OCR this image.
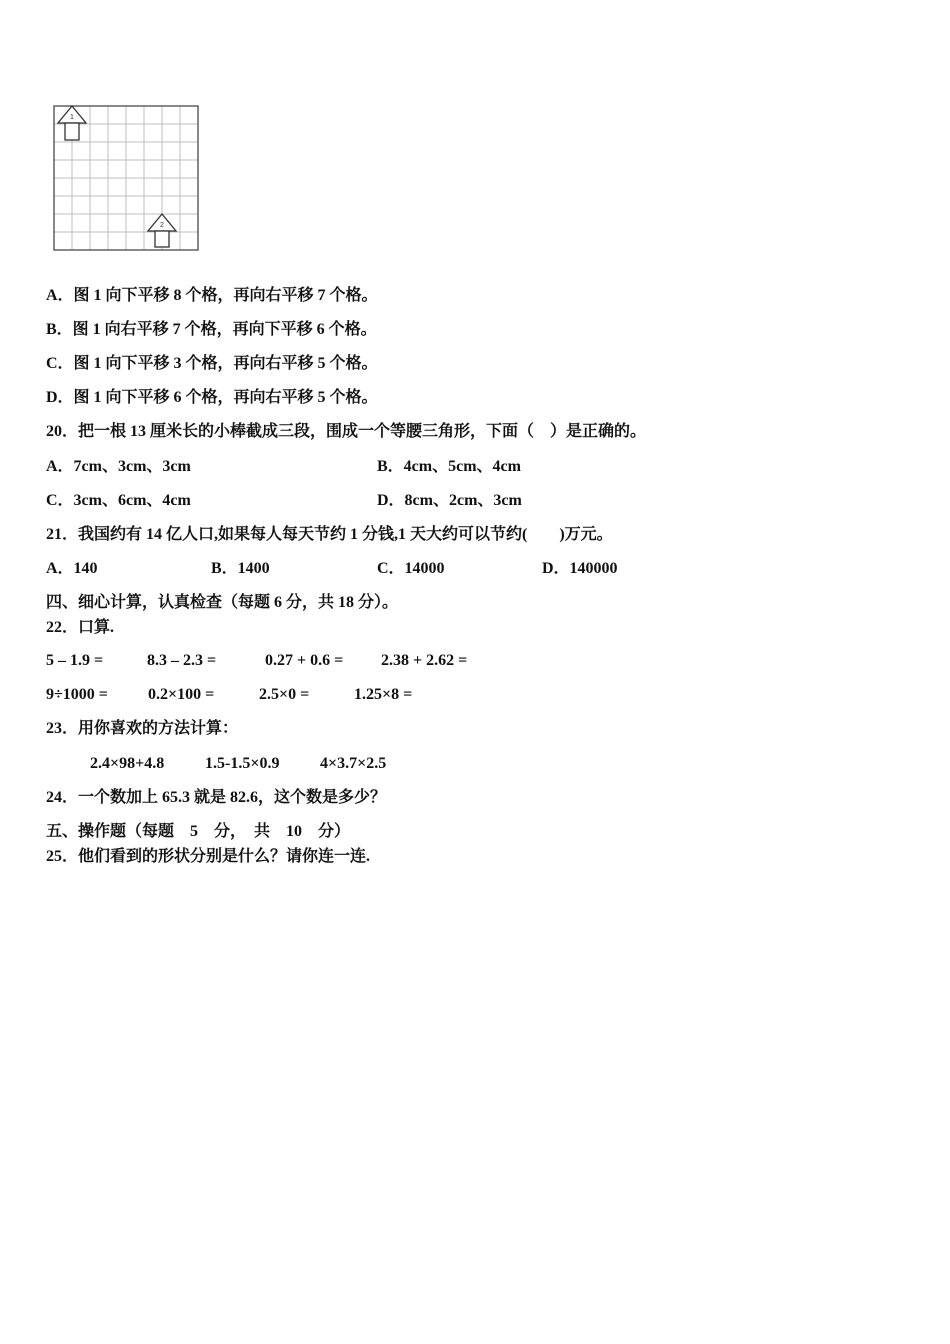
1
2
A．图 1 向下平移 8 个格，再向右平移 7 个格。
B．图 1 向右平移 7 个格，再向下平移 6 个格。
C．图 1 向下平移 3 个格，再向右平移 5 个格。
D．图 1 向下平移 6 个格，再向右平移 5 个格。
20．把一根 13 厘米长的小棒截成三段，围成一个等腰三角形，下面（　）是正确的。
A．7cm、3cm、3cm	B．4cm、5cm、4cm
C．3cm、6cm、4cm	D．8cm、2cm、3cm
21．我国约有 14 亿人口,如果每人每天节约 1 分钱,1 天大约可以节约(　　)万元。
A．140	B．1400	C．14000	D．140000
四、细心计算，认真检查（每题 6 分，共 18 分）。
22．口算.
5 – 1.9 =	8.3 – 2.3 =	0.27 + 0.6 = 2.38 + 2.62 =
9÷1000 =	0.2×100 =	2.5×0 =	1.25×8 =
23．用你喜欢的方法计算：
2.4×98+4.8	1.5-1.5×0.9	4×3.7×2.5
24．一个数加上 65.3 就是 82.6，这个数是多少？
五、操作题（每题　5　分，　共　10　分）
25．他们看到的形状分别是什么？请你连一连.
